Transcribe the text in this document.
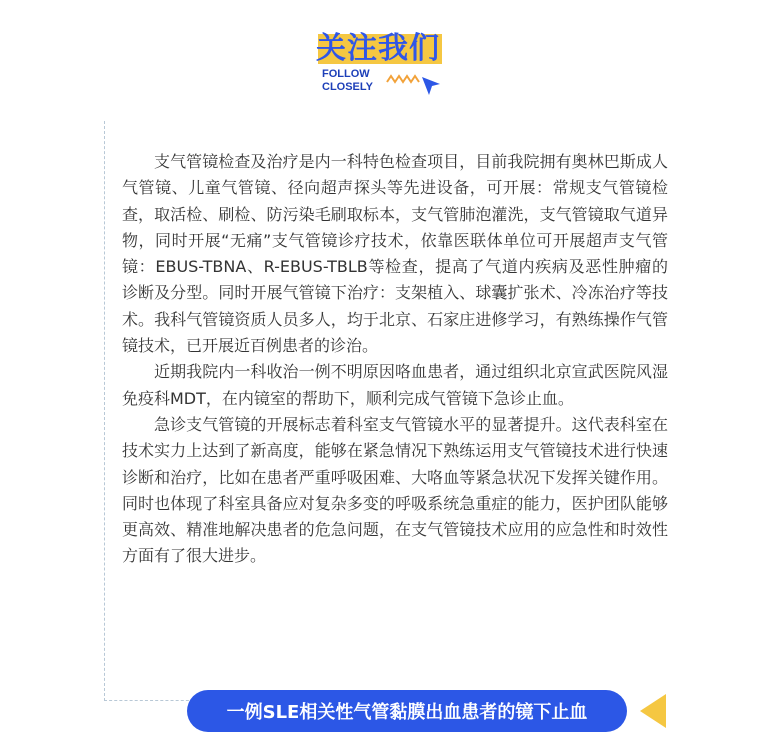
关注我们
FOLLOW
CLOSELY

支气管镜检查及治疗是内一科特色检查项目，目前我院拥有奥林巴斯成人气管镜、儿童气管镜、径向超声探头等先进设备，可开展：常规支气管镜检查，取活检、刷检、防污染毛刷取标本，支气管肺泡灌洗，支气管镜取气道异物，同时开展“无痛”支气管镜诊疗技术，依靠医联体单位可开展超声支气管镜：EBUS-TBNA、R-EBUS-TBLB等检查，提高了气道内疾病及恶性肿瘤的诊断及分型。同时开展气管镜下治疗：支架植入、球囊扩张术、冷冻治疗等技术。我科气管镜资质人员多人，均于北京、石家庄进修学习，有熟练操作气管镜技术，已开展近百例患者的诊治。

近期我院内一科收治一例不明原因咯血患者，通过组织北京宣武医院风湿免疫科MDT，在内镜室的帮助下，顺利完成气管镜下急诊止血。

急诊支气管镜的开展标志着科室支气管镜水平的显著提升。这代表科室在技术实力上达到了新高度，能够在紧急情况下熟练运用支气管镜技术进行快速诊断和治疗，比如在患者严重呼吸困难、大咯血等紧急状况下发挥关键作用。同时也体现了科室具备应对复杂多变的呼吸系统急重症的能力，医护团队能够更高效、精准地解决患者的危急问题，在支气管镜技术应用的应急性和时效性方面有了很大进步。

一例SLE相关性气管黏膜出血患者的镜下止血
